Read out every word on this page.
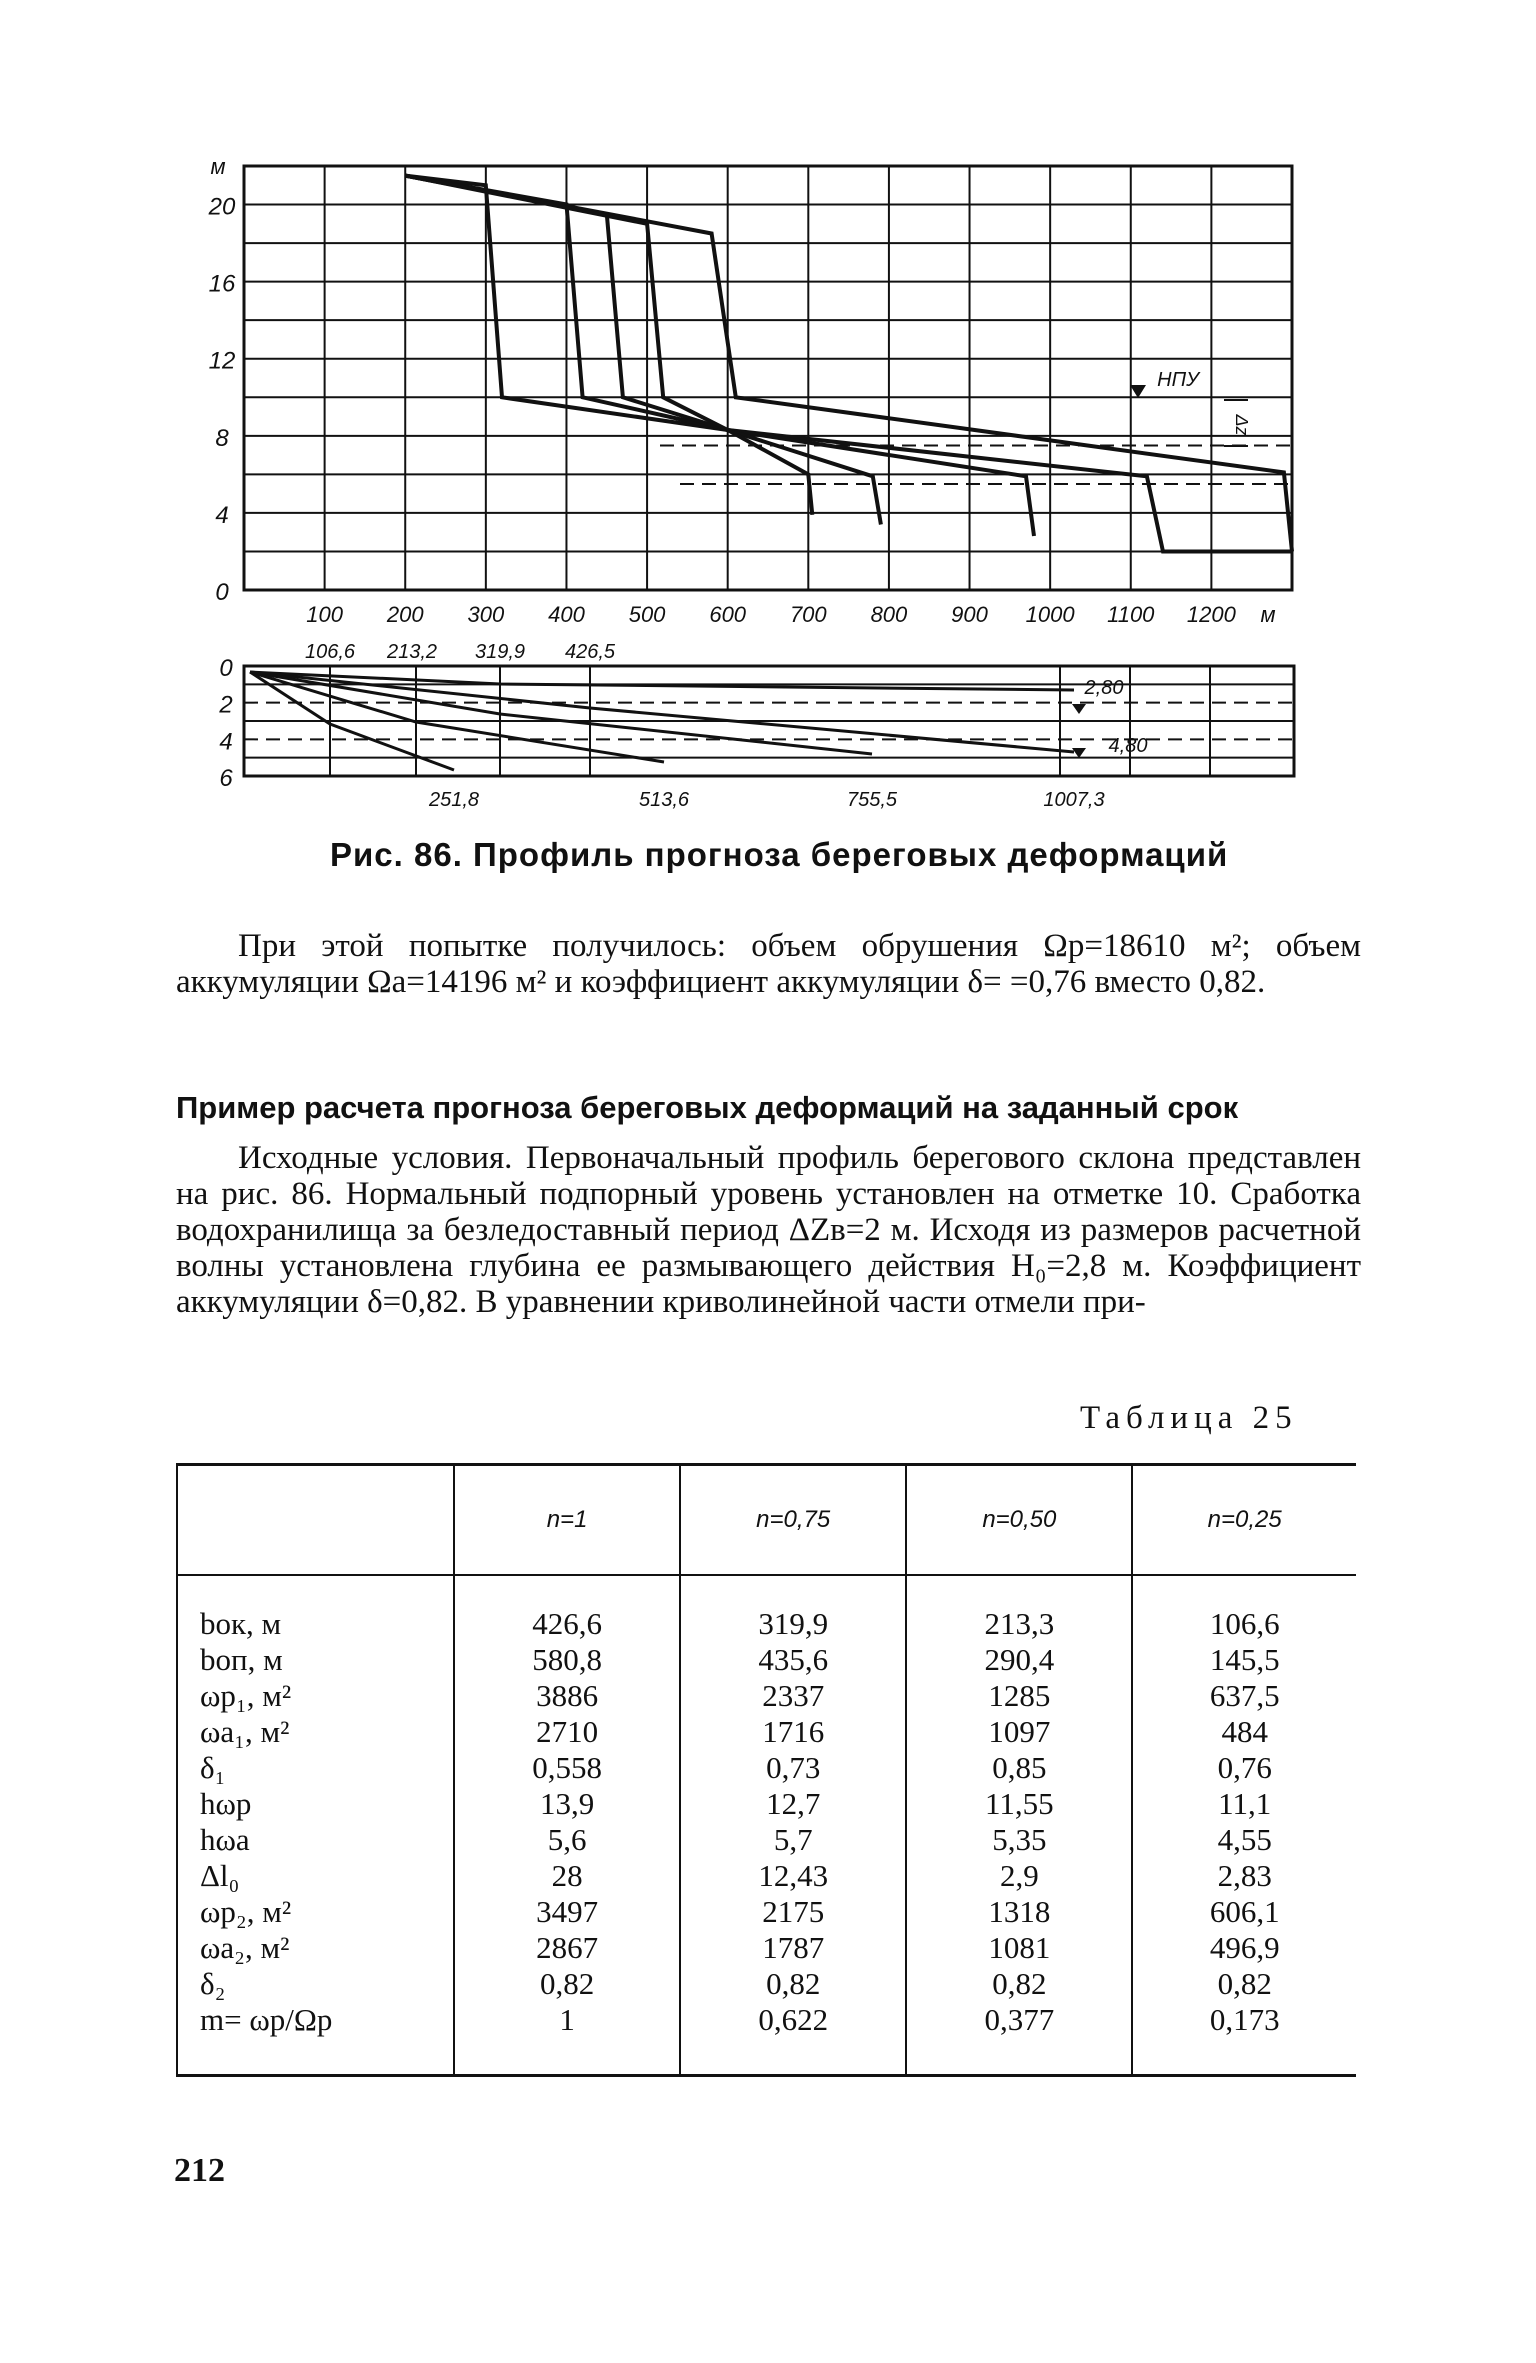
м
20
16
12
8
4
0
100 200 300 400 500 600 700 800 900 1000 1100 1200 м
НПУ
Δz
0
2
4
6
106,6 213,2 319,9 426,5
251,8	513,6	755,5	1007,3
2,80
4,80
Рис. 86. Профиль прогноза береговых деформаций
При этой попытке получилось: объем обрушения Ωр=18610 м²; объем аккумуляции Ωа=14196 м² и коэффициент аккумуляции δ= =0,76 вместо 0,82.
Пример расчета прогноза береговых деформаций на заданный срок
Исходные условия. Первоначальный профиль берегового склона представлен на рис. 86. Нормальный подпорный уровень установлен на отметке 10. Сработка водохранилища за безледоставный период ΔZв=2 м. Исходя из размеров расчетной волны установлена глубина ее размывающего действия H₀=2,8 м. Коэффициент аккумуляции δ=0,82. В уравнении криволинейной части отмели при-
Таблица 25
	n=1	n=0,75	n=0,50	n=0,25
bок, м	426,6	319,9	213,3	106,6
bоп, м	580,8	435,6	290,4	145,5
ωр₁, м²	3886	2337	1285	637,5
ωа₁, м²	2710	1716	1097	484
δ₁	0,558	0,73	0,85	0,76
hωр	13,9	12,7	11,55	11,1
hωа	5,6	5,7	5,35	4,55
Δl₀	28	12,43	2,9	2,83
ωр₂, м²	3497	2175	1318	606,1
ωа₂, м²	2867	1787	1081	496,9
δ₂	0,82	0,82	0,82	0,82
m= ωр/Ωр	1	0,622	0,377	0,173
212
